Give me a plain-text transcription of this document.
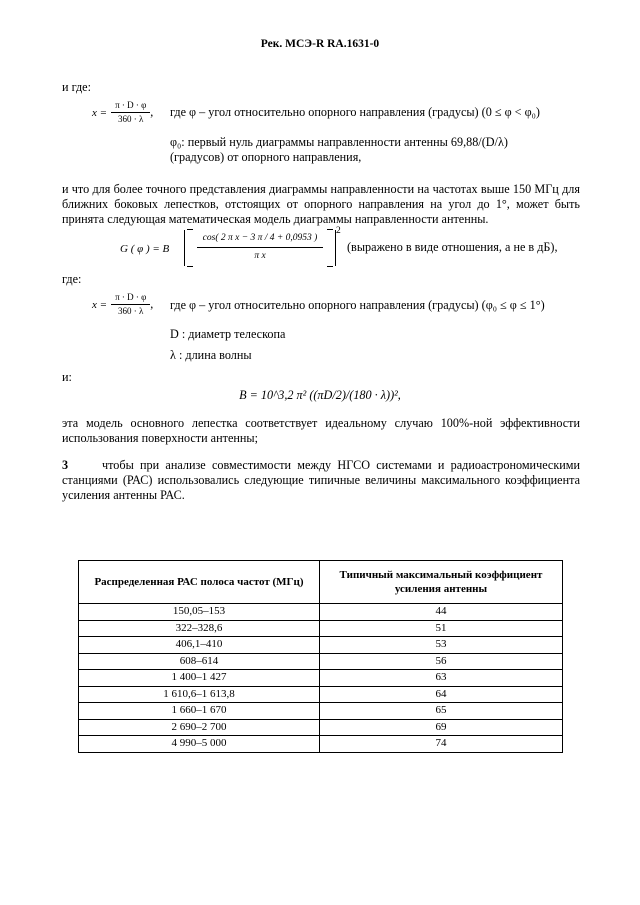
Рек. МСЭ-R RA.1631-0
и где:
$x = \frac{\pi \cdot D \cdot \varphi}{360 \cdot \lambda}$ ,	где φ – угол относительно опорного направления (градусы) (0 ≤ φ < φ₀)
φ₀: первый нуль диаграммы направленности антенны 69,88/(D/λ)
(градусов) от опорного направления,
и что для более точного представления диаграммы направленности на частотах выше 150 МГц для ближних боковых лепестков, отстоящих от опорного направления на угол до 1°, может быть принята следующая математическая модель диаграммы направленности антенны.
G ( φ ) = B
cos( 2 π x − 3 π / 4 + 0,0953 )
π x
2
(выражено в виде отношения, а не в дБ),
где:
$x = \frac{\pi \cdot D \cdot \varphi}{360 \cdot \lambda}$ ,	где φ – угол относительно опорного направления (градусы) (φ₀ ≤ φ ≤ 1°)
D : диаметр телескопа
λ : длина волны
и:
B = 10^3,2 π² ((πD/2)/(180 · λ))²,
эта модель основного лепестка соответствует идеальному случаю 100%-ной эффективности использования поверхности антенны;
3	чтобы при анализе совместимости между НГСО системами и радиоастрономическими станциями (РАС) использовались следующие типичные величины максимального коэффициента усиления антенны РАС.
Распределенная РАС полоса частот (МГц)	Типичный максимальный коэффициент усиления антенны
150,05–153	44
322–328,6	51
406,1–410	53
608–614	56
1 400–1 427	63
1 610,6–1 613,8	64
1 660–1 670	65
2 690–2 700	69
4 990–5 000	74
